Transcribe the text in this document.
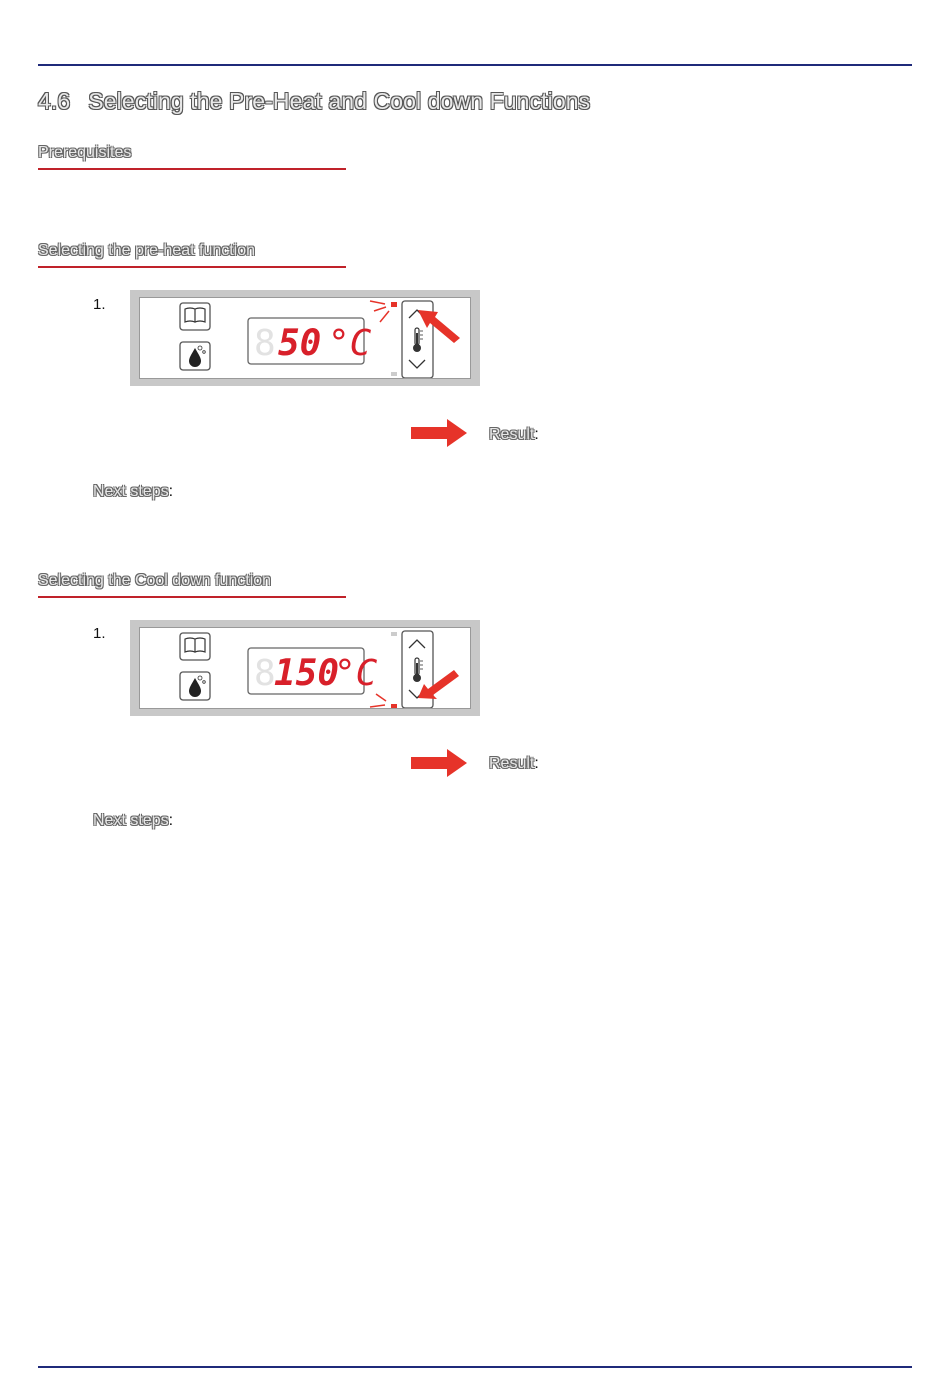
4.6 Selecting the Pre-Heat and Cool down Functions
Prerequisites
Selecting the pre-heat function
1.
8 50 °C
Result:
Next steps:
Selecting the Cool down function
1.
8
150
°C
Result:
Next steps:
